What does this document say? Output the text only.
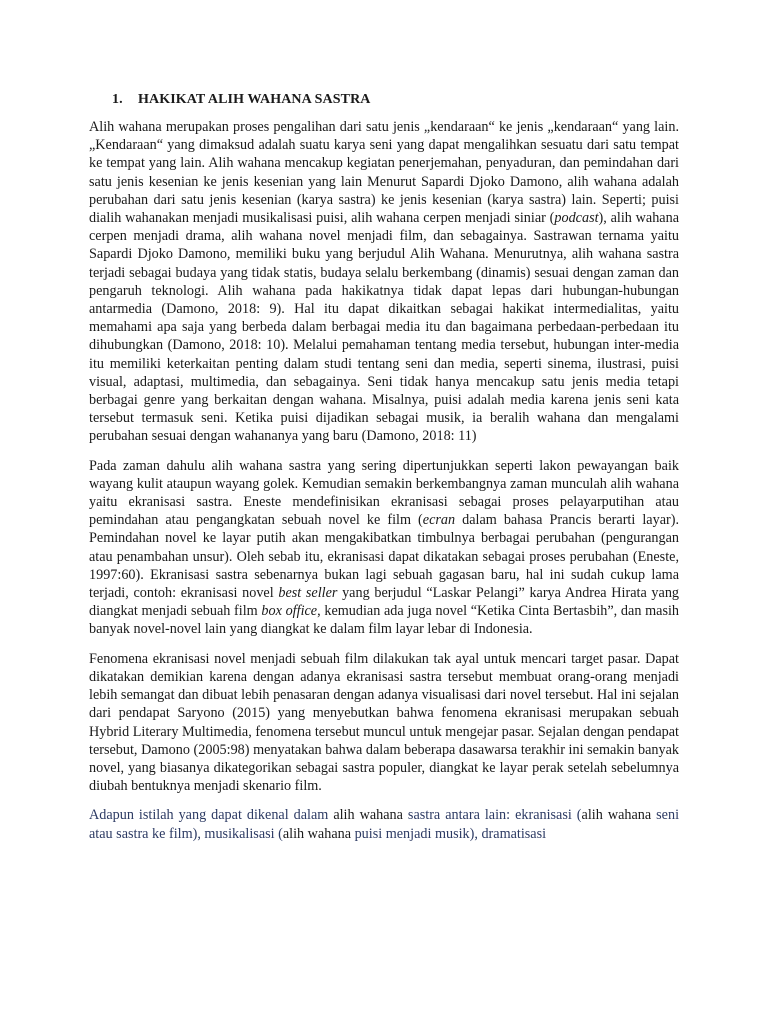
1. HAKIKAT ALIH WAHANA SASTRA

Alih wahana merupakan proses pengalihan dari satu jenis „kendaraan“ ke jenis „kendaraan“ yang lain. „Kendaraan“ yang dimaksud adalah suatu karya seni yang dapat mengalihkan sesuatu dari satu tempat ke tempat yang lain. Alih wahana mencakup kegiatan penerjemahan, penyaduran, dan pemindahan dari satu jenis kesenian ke jenis kesenian yang lain Menurut Sapardi Djoko Damono, alih wahana adalah perubahan dari satu jenis kesenian (karya sastra) ke jenis kesenian (karya sastra) lain. Seperti; puisi dialih wahanakan menjadi musikalisasi puisi, alih wahana cerpen menjadi siniar (podcast), alih wahana cerpen menjadi drama, alih wahana novel menjadi film, dan sebagainya. Sastrawan ternama yaitu Sapardi Djoko Damono, memiliki buku yang berjudul Alih Wahana. Menurutnya, alih wahana sastra terjadi sebagai budaya yang tidak statis, budaya selalu berkembang (dinamis) sesuai dengan zaman dan pengaruh teknologi. Alih wahana pada hakikatnya tidak dapat lepas dari hubungan-hubungan antarmedia (Damono, 2018: 9). Hal itu dapat dikaitkan sebagai hakikat intermedialitas, yaitu memahami apa saja yang berbeda dalam berbagai media itu dan bagaimana perbedaan-perbedaan itu dihubungkan (Damono, 2018: 10). Melalui pemahaman tentang media tersebut, hubungan inter-media itu memiliki keterkaitan penting dalam studi tentang seni dan media, seperti sinema, ilustrasi, puisi visual, adaptasi, multimedia, dan sebagainya. Seni tidak hanya mencakup satu jenis media tetapi berbagai genre yang berkaitan dengan wahana. Misalnya, puisi adalah media karena jenis seni kata tersebut termasuk seni. Ketika puisi dijadikan sebagai musik, ia beralih wahana dan mengalami perubahan sesuai dengan wahananya yang baru (Damono, 2018: 11)

Pada zaman dahulu alih wahana sastra yang sering dipertunjukkan seperti lakon pewayangan baik wayang kulit ataupun wayang golek. Kemudian semakin berkembangnya zaman munculah alih wahana yaitu ekranisasi sastra. Eneste mendefinisikan ekranisasi sebagai proses pelayarputihan atau pemindahan atau pengangkatan sebuah novel ke film (ecran dalam bahasa Prancis berarti layar). Pemindahan novel ke layar putih akan mengakibatkan timbulnya berbagai perubahan (pengurangan atau penambahan unsur). Oleh sebab itu, ekranisasi dapat dikatakan sebagai proses perubahan (Eneste, 1997:60). Ekranisasi sastra sebenarnya bukan lagi sebuah gagasan baru, hal ini sudah cukup lama terjadi, contoh: ekranisasi novel best seller yang berjudul “Laskar Pelangi” karya Andrea Hirata yang diangkat menjadi sebuah film box office, kemudian ada juga novel “Ketika Cinta Bertasbih”, dan masih banyak novel-novel lain yang diangkat ke dalam film layar lebar di Indonesia.

Fenomena ekranisasi novel menjadi sebuah film dilakukan tak ayal untuk mencari target pasar. Dapat dikatakan demikian karena dengan adanya ekranisasi sastra tersebut membuat orang-orang menjadi lebih semangat dan dibuat lebih penasaran dengan adanya visualisasi dari novel tersebut. Hal ini sejalan dari pendapat Saryono (2015) yang menyebutkan bahwa fenomena ekranisasi merupakan sebuah Hybrid Literary Multimedia, fenomena tersebut muncul untuk mengejar pasar. Sejalan dengan pendapat tersebut, Damono (2005:98) menyatakan bahwa dalam beberapa dasawarsa terakhir ini semakin banyak novel, yang biasanya dikategorikan sebagai sastra populer, diangkat ke layar perak setelah sebelumnya diubah bentuknya menjadi skenario film.

Adapun istilah yang dapat dikenal dalam alih wahana sastra antara lain: ekranisasi (alih wahana seni atau sastra ke film), musikalisasi (alih wahana puisi menjadi musik), dramatisasi
